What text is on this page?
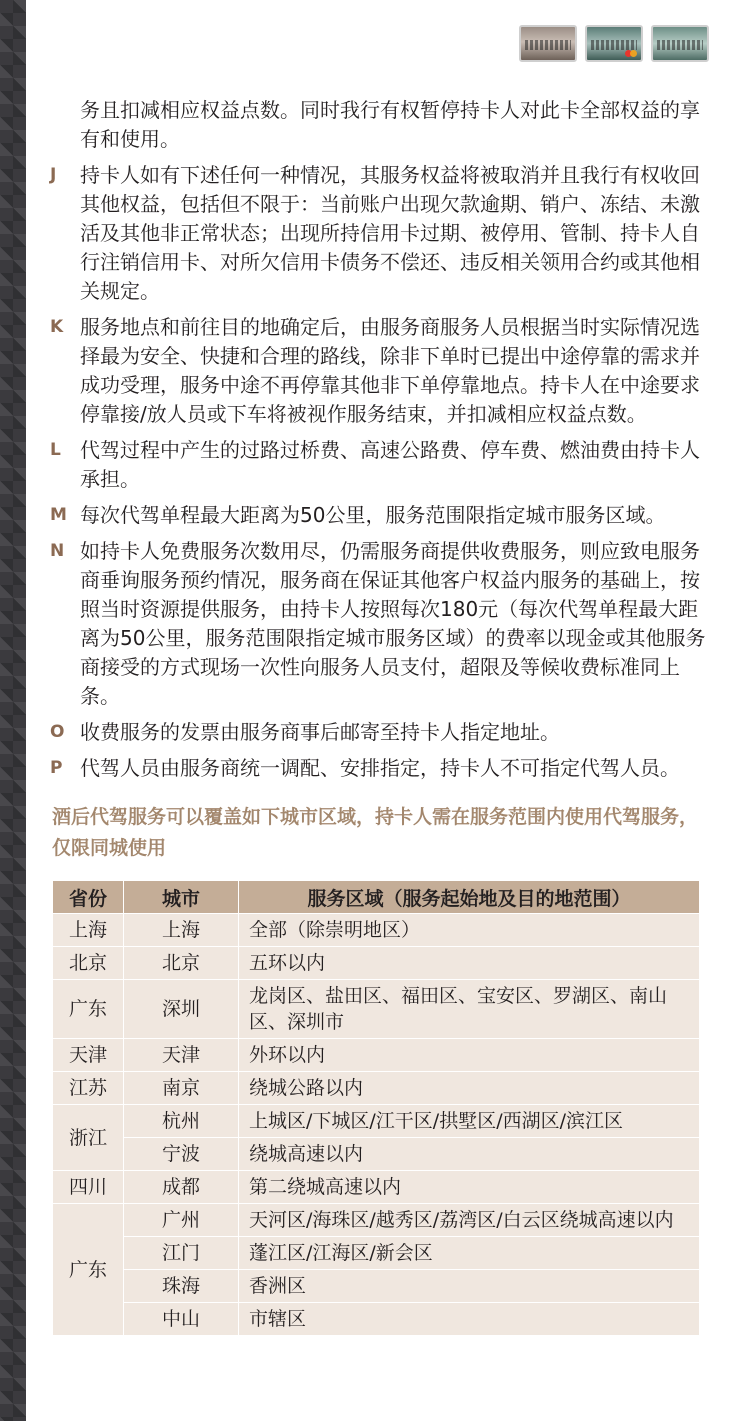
务且扣减相应权益点数。同时我行有权暂停持卡人对此卡全部权益的享有和使用。
J	持卡人如有下述任何一种情况，其服务权益将被取消并且我行有权收回其他权益，包括但不限于：当前账户出现欠款逾期、销户、冻结、未激活及其他非正常状态；出现所持信用卡过期、被停用、管制、持卡人自行注销信用卡、对所欠信用卡债务不偿还、违反相关领用合约或其他相关规定。
K 服务地点和前往目的地确定后，由服务商服务人员根据当时实际情况选择最为安全、快捷和合理的路线，除非下单时已提出中途停靠的需求并成功受理，服务中途不再停靠其他非下单停靠地点。持卡人在中途要求停靠接/放人员或下车将被视作服务结束，并扣减相应权益点数。
L 代驾过程中产生的过路过桥费、高速公路费、停车费、燃油费由持卡人承担。
M 每次代驾单程最大距离为50公里，服务范围限指定城市服务区域。
N 如持卡人免费服务次数用尽，仍需服务商提供收费服务，则应致电服务商垂询服务预约情况，服务商在保证其他客户权益内服务的基础上，按照当时资源提供服务，由持卡人按照每次180元（每次代驾单程最大距离为50公里，服务范围限指定城市服务区域）的费率以现金或其他服务商接受的方式现场一次性向服务人员支付，超限及等候收费标准同上条。
O 收费服务的发票由服务商事后邮寄至持卡人指定地址。
P 代驾人员由服务商统一调配、安排指定，持卡人不可指定代驾人员。
酒后代驾服务可以覆盖如下城市区域，持卡人需在服务范围内使用代驾服务，仅限同城使用
省份	城市	服务区域（服务起始地及目的地范围）
上海	上海	全部（除崇明地区）
北京	北京	五环以内
广东	深圳	龙岗区、盐田区、福田区、宝安区、罗湖区、南山区、深圳市
天津	天津	外环以内
江苏	南京	绕城公路以内
浙江	杭州	上城区/下城区/江干区/拱墅区/西湖区/滨江区
	宁波	绕城高速以内
四川	成都	第二绕城高速以内
广东	广州	天河区/海珠区/越秀区/荔湾区/白云区绕城高速以内
	江门	蓬江区/江海区/新会区
	珠海	香洲区
	中山	市辖区
